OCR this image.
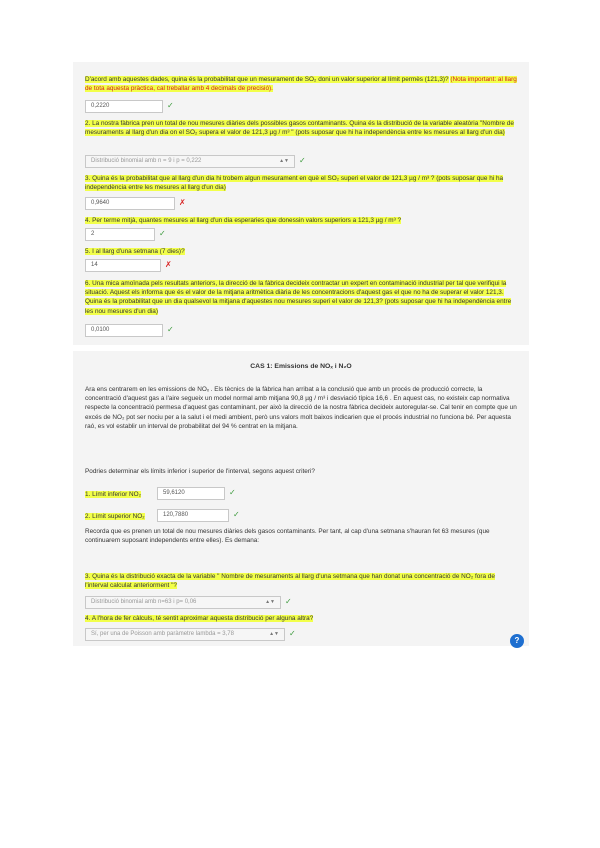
D'acord amb aquestes dades, quina és la probabilitat que un mesurament de SO₂ doni un valor superior al límit permès (121,3)? (Nota important: al llarg de tota aquesta pràctica, cal treballar amb 4 decimals de precisió).
0,2220	✓
2. La nostra fàbrica pren un total de nou mesures diàries dels possibles gasos contaminants. Quina és la distribució de la variable aleatòria "Nombre de mesuraments al llarg d'un dia on el SO₂ supera el valor de 121,3 µg / m³ " (pots suposar que hi ha independència entre les mesures al llarg d'un dia)
Distribució binomial amb n = 9 i p = 0,222	▲▼ ✓
3. Quina és la probabilitat que al llarg d'un dia hi trobem algun mesurament en què el SO₂ superi el valor de 121,3 µg / m³ ? (pots suposar que hi ha independència entre les mesures al llarg d'un dia)
0,9640	✗
4. Per terme mitjà, quantes mesures al llarg d'un dia esperaries que donessin valors superiors a 121,3 µg / m³ ?
2	✓
5. I al llarg d'una setmana (7 dies)?
14	✗
6. Una mica amoïnada pels resultats anteriors, la direcció de la fàbrica decideix contractar un expert en contaminació industrial per tal que verifiqui la situació. Aquest els informa que és el valor de la mitjana aritmètica diària de les concentracions d'aquest gas el que no ha de superar el valor 121,3. Quina és la probabilitat que un dia qualsevol la mitjana d'aquestes nou mesures superi el valor de 121,3? (pots suposar que hi ha independència entre les nou mesures d'un dia)
0,0100	✓
CAS 1: Emissions de NOₓ i N₂O
Ara ens centrarem en les emissions de NOₓ . Els tècnics de la fàbrica han arribat a la conclusió que amb un procés de producció correcte, la concentració d'aquest gas a l'aire segueix un model normal amb mitjana 90,8 µg / m³ i desviació típica 16,6 . En aquest cas, no existeix cap normativa respecte la concentració permesa d'aquest gas contaminant, per això la direcció de la nostra fàbrica decideix autoregular-se. Cal tenir en compte que un excés de NO₂ pot ser nociu per a la salut i el medi ambient, però uns valors molt baixos indicarien que el procés industrial no funciona bé. Per aquesta raó, es vol establir un interval de probabilitat del 94 % centrat en la mitjana.
Podries determinar els límits inferior i superior de l'interval, segons aquest criteri?
1. Límit inferior NO₂	59,6120	✓
2. Límit superior NO₂	120,7880	✓
Recorda que es prenen un total de nou mesures diàries dels gasos contaminants. Per tant, al cap d'una setmana s'hauran fet 63 mesures (que continuarem suposant independents entre elles). Es demana:
3. Quina és la distribució exacta de la variable " Nombre de mesuraments al llarg d'una setmana que han donat una concentració de NO₂ fora de l'interval calculat anteriorment "?
Distribució binomial amb n=63 i p= 0,06	▲▼ ✓
4. A l'hora de fer càlculs, té sentit aproximar aquesta distribució per alguna altra?
Sí, per una de Poisson amb paràmetre lambda = 3,78	▲▼ ✓
?
